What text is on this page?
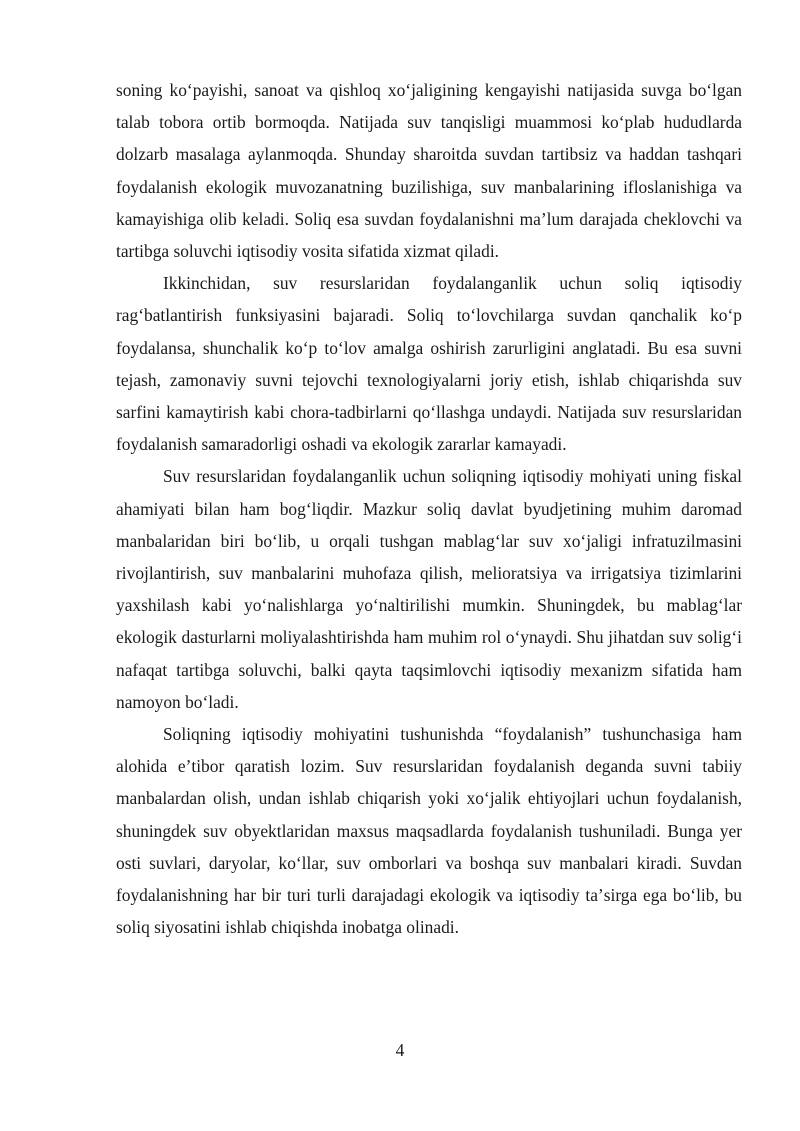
soning koʻpayishi, sanoat va qishloq xoʻjaligining kengayishi natijasida suvga boʻlgan talab tobora ortib bormoqda. Natijada suv tanqisligi muammosi koʻplab hududlarda dolzarb masalaga aylanmoqda. Shunday sharoitda suvdan tartibsiz va haddan tashqari foydalanish ekologik muvozanatning buzilishiga, suv manbalarining ifloslanishiga va kamayishiga olib keladi. Soliq esa suvdan foydalanishni maʼlum darajada cheklovchi va tartibga soluvchi iqtisodiy vosita sifatida xizmat qiladi.

Ikkinchidan, suv resurslaridan foydalanganlik uchun soliq iqtisodiy ragʻbatlantirish funksiyasini bajaradi. Soliq toʻlovchilarga suvdan qanchalik koʻp foydalansa, shunchalik koʻp toʻlov amalga oshirish zarurligini anglatadi. Bu esa suvni tejash, zamonaviy suvni tejovchi texnologiyalarni joriy etish, ishlab chiqarishda suv sarfini kamaytirish kabi chora-tadbirlarni qoʻllashga undaydi. Natijada suv resurslaridan foydalanish samaradorligi oshadi va ekologik zararlar kamayadi.

Suv resurslaridan foydalanganlik uchun soliqning iqtisodiy mohiyati uning fiskal ahamiyati bilan ham bogʻliqdir. Mazkur soliq davlat byudjetining muhim daromad manbalaridan biri boʻlib, u orqali tushgan mablagʻlar suv xoʻjaligi infratuzilmasini rivojlantirish, suv manbalarini muhofaza qilish, melioratsiya va irrigatsiya tizimlarini yaxshilash kabi yoʻnalishlarga yoʻnaltirilishi mumkin. Shuningdek, bu mablagʻlar ekologik dasturlarni moliyalashtirishda ham muhim rol oʻynaydi. Shu jihatdan suv soligʻi nafaqat tartibga soluvchi, balki qayta taqsimlovchi iqtisodiy mexanizm sifatida ham namoyon boʻladi.

Soliqning iqtisodiy mohiyatini tushunishda “foydalanish” tushunchasiga ham alohida eʼtibor qaratish lozim. Suv resurslaridan foydalanish deganda suvni tabiiy manbalardan olish, undan ishlab chiqarish yoki xoʻjalik ehtiyojlari uchun foydalanish, shuningdek suv obyektlaridan maxsus maqsadlarda foydalanish tushuniladi. Bunga yer osti suvlari, daryolar, koʻllar, suv omborlari va boshqa suv manbalari kiradi. Suvdan foydalanishning har bir turi turli darajadagi ekologik va iqtisodiy taʼsirga ega boʻlib, bu soliq siyosatini ishlab chiqishda inobatga olinadi.

4
